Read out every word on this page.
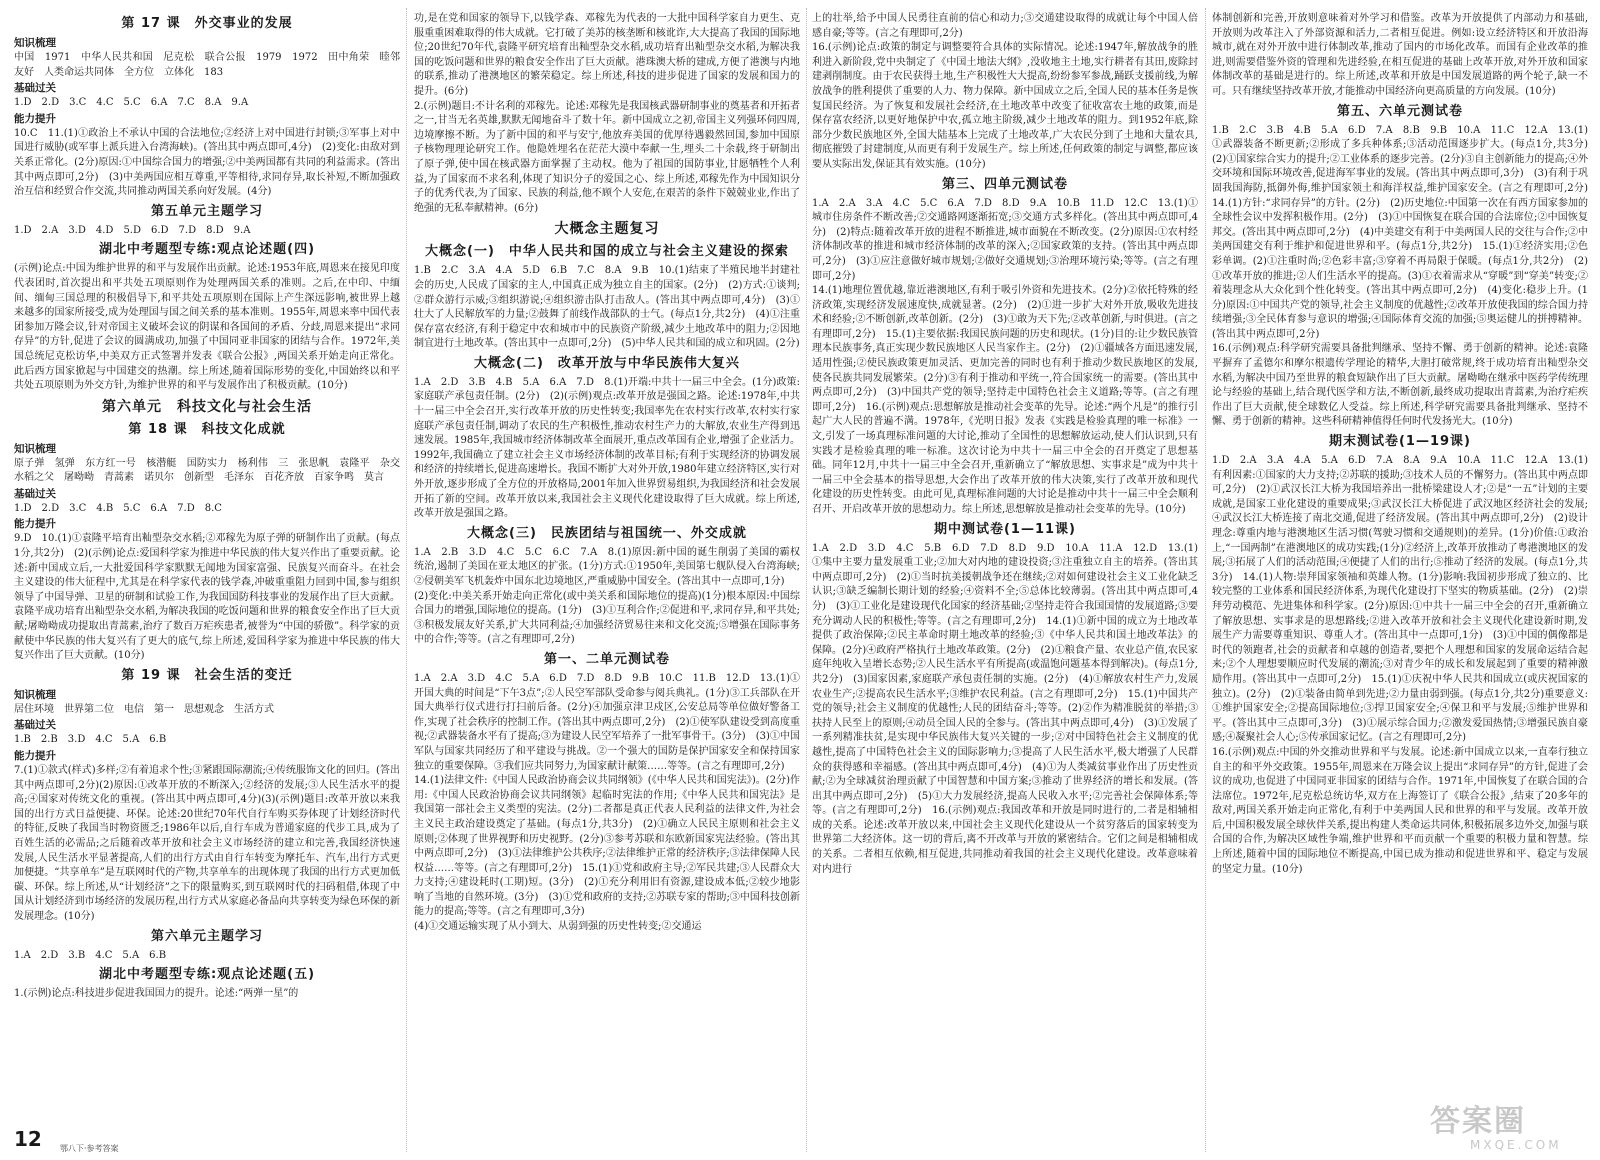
第 17 课　外交事业的发展
知识梳理
中国　1971　中华人民共和国　尼克松　联合公报　1979　1972　田中角荣　睦邻友好　人类命运共同体　全方位　立体化　183
基础过关
1.D　2.D　3.C　4.C　5.C　6.A　7.C　8.A　9.A
能力提升
10.C　11.(1)①政治上不承认中国的合法地位;②经济上对中国进行封锁;③军事上对中国进行威胁(或军事上派兵进入台湾海峡)。(答出其中两点即可,4分)　(2)变化:由敌对到关系正常化。(2分)原因:①中国综合国力的增强;②中美两国都有共同的利益需求。(答出其中两点即可,2分)　(3)中美两国应相互尊重,平等相待,求同存异,取长补短,不断加强政治互信和经贸合作交流,共同推动两国关系向好发展。(4分)
第五单元主题学习
1.D　2.A　3.D　4.D　5.D　6.D　7.D　8.D　9.A
湖北中考题型专练:观点论述题(四)
(示例)论点:中国为维护世界的和平与发展作出贡献。论述:1953年底,周恩来在接见印度代表团时,首次提出和平共处五项原则作为处理两国关系的准则。之后,在中印、中缅间、缅甸三国总理的积极倡导下,和平共处五项原则在国际上产生深远影响,被世界上越来越多的国家所接受,成为处理国与国之间关系的基本准则。1955年,周恩来率中国代表团参加万隆会议,针对帝国主义破坏会议的阴谋和各国间的矛盾、分歧,周恩来提出“求同存异”的方针,促进了会议的圆满成功,加强了中国同亚非国家的团结与合作。1972年,美国总统尼克松访华,中美双方正式签署并发表《联合公报》,两国关系开始走向正常化。此后西方国家掀起与中国建交的热潮。综上所述,随着国际形势的变化,中国始终以和平共处五项原则为外交方针,为维护世界的和平与发展作出了积极贡献。(10分)
第六单元　科技文化与社会生活
第 18 课　科技文化成就
知识梳理
原子弹　氢弹　东方红一号　核潜艇　国防实力　杨利伟　三　张思帆　袁隆平　杂交水稻之父　屠呦呦　青蒿素　诺贝尔　创新型　毛泽东　百花齐放　百家争鸣　莫言
基础过关
1.D　2.D　3.C　4.B　5.C　6.A　7.D　8.C
能力提升
9.D　10.(1)①袁隆平培育出籼型杂交水稻;②邓稼先为原子弹的研制作出了贡献。(每点1分,共2分)　(2)(示例)论点:爱国科学家为推进中华民族的伟大复兴作出了重要贡献。论述:新中国成立后,一大批爱国科学家默默无闻地为国家富强、民族复兴而奋斗。在社会主义建设的伟大征程中,尤其是在科学家代表的钱学森,冲破重重阻力回到中国,参与组织领导了中国导弹、卫星的研制和试验工作,为我国国防科技事业的发展作出了巨大贡献。袁隆平成功培育出籼型杂交水稻,为解决我国的吃饭问题和世界的粮食安全作出了巨大贡献;屠呦呦成功提取出青蒿素,治疗了数百万疟疾患者,被誉为“中国的骄傲”。科学家的贡献使中华民族的伟大复兴有了更大的底气,综上所述,爱国科学家为推进中华民族的伟大复兴作出了巨大贡献。(10分)
第 19 课　社会生活的变迁
知识梳理
居住环境　世界第二位　电信　第一　思想观念　生活方式
基础过关
1.B　2.B　3.D　4.C　5.A　6.B
能力提升
7.(1)①款式(样式)多样;②有着追求个性;③紧跟国际潮流;④传统服饰文化的回归。(答出其中两点即可,2分)(2)原因:①改革开放的不断深入;②经济的发展;③人民生活水平的提高;④国家对传统文化的重视。(答出其中两点即可,4分)(3)(示例)题目:改革开放以来我国的出行方式日益便捷、环保。论述:20世纪70年代自行车购买券体现了计划经济时代的特征,反映了我国当时物资匮乏;1986年以后,自行车成为普通家庭的代步工具,成为了百姓生活的必需品;之后随着改革开放和社会主义市场经济的建立和完善,我国经济快速发展,人民生活水平显著提高,人们的出行方式由自行车转变为摩托车、汽车,出行方式更加便捷。“共享单车”是互联网时代的产物,共享单车的出现体现了我国的出行方式更加低碳、环保。综上所述,从“计划经济”之下的限量购买,到互联网时代的扫码租借,体现了中国从计划经济到市场经济的发展历程,出行方式从家庭必备品向共享转变为绿色环保的新发展理念。(10分)
第六单元主题学习
1.A　2.D　3.B　4.C　5.A　6.B
湖北中考题型专练:观点论述题(五)
1.(示例)论点:科技进步促进我国国力的提升。论述:“两弹一星”的
功,是在党和国家的领导下,以钱学森、邓稼先为代表的一大批中国科学家自力更生、克服重重困难取得的伟大成就。它打破了美苏的核垄断和核讹诈,大大提高了我国的国际地位;20世纪70年代,袁隆平研究培育出籼型杂交水稻,成功培育出籼型杂交水稻,为解决我国的吃饭问题和世界的粮食安全作出了巨大贡献。港珠澳大桥的建成,方便了港澳与内地的联系,推动了港澳地区的繁荣稳定。综上所述,科技的进步促进了国家的发展和国力的提升。(6分)
2.(示例)题目:不计名利的邓稼先。论述:邓稼先是我国核武器研制事业的奠基者和开拓者之一,甘当无名英雄,默默无闻地奋斗了数十年。新中国成立之初,帝国主义列强环伺四周,边境摩擦不断。为了新中国的和平与安宁,他放弃美国的优厚待遇毅然回国,参加中国原子核物理理论研究工作。他隐姓埋名在茫茫大漠中奉献一生,埋头二十余载,终于研制出了原子弹,使中国在核武器方面掌握了主动权。他为了祖国的国防事业,甘愿牺牲个人利益,为了国家而不求名利,体现了知识分子的爱国之心、综上所述,邓稼先作为中国知识分子的优秀代表,为了国家、民族的利益,他不顾个人安危,在艰苦的条件下兢兢业业,作出了绝强的无私奉献精神。(6分)
大概念主题复习
大概念(一)　中华人民共和国的成立与社会主义建设的探索
1.B　2.C　3.A　4.A　5.D　6.B　7.C　8.A　9.B　10.(1)结束了半殖民地半封建社会的历史,人民成了国家的主人,中国真正成为独立自主的国家。(2分)　(2)方式:①谈判;②群众游行示威;③组织游说;④组织游击队打击敌人。(答出其中两点即可,4分)　(3)①壮大了人民解放军的力量;②鼓舞了前线作战部队的士气。(每点1分,共2分)　(4)①注重保存富农经济,有利于稳定中农和城市中的民族资产阶级,减少土地改革中的阻力;②因地制宜进行土地改革。(答出其中一点即可,2分)　(5)中华人民共和国的成立和巩固。(2分)
大概念(二)　改革开放与中华民族伟大复兴
1.A　2.D　3.B　4.B　5.A　6.A　7.D　8.(1)开端:中共十一届三中全会。(1分)政策:家庭联产承包责任制。(2分)　(2)(示例)观点:改革开放是强国之路。论述:1978年,中共十一届三中全会召开,实行改革开放的历史性转变;我国率先在农村实行改革,农村实行家庭联产承包责任制,调动了农民的生产积极性,推动农村生产力的大解放,农业生产得到迅速发展。1985年,我国城市经济体制改革全面展开,重点改革国有企业,增强了企业活力。1992年,我国确立了建立社会主义市场经济体制的改革目标;有利于实现经济的协调发展和经济的持续增长,促进高速增长。我国不断扩大对外开放,1980年建立经济特区,实行对外开放,逐步形成了全方位的开放格局,2001年加入世界贸易组织,为我国经济和社会发展开拓了新的空间。改革开放以来,我国社会主义现代化建设取得了巨大成就。综上所述,改革开放是强国之路。
大概念(三)　民族团结与祖国统一、外交成就
1.A　2.B　3.D　4.C　5.C　6.C　7.A　8.(1)原因:新中国的诞生削弱了美国的霸权统治,遏制了美国在亚太地区的扩张。(1分)方式:①1950年,美国第七舰队侵入台湾海峡;②侵朝美军飞机轰炸中国东北边境地区,严重威胁中国安全。(答出其中一点即可,1分)
(2)变化:中美关系开始走向正常化(或中美关系和国际地位的提高)(1分)根本原因:中国综合国力的增强,国际地位的提高。(1分)　(3)①互利合作;②促进和平,求同存异,和平共处;③积极发展友好关系,扩大共同利益;④加强经济贸易往来和文化交流;⑤增强在国际事务中的合作;等等。(言之有理即可,2分)
第一、二单元测试卷
1.A　2.A　3.D　4.C　5.A　6.D　7.D　8.D　9.B　10.C　11.B　12.D　13.(1)①开国大典的时间是“下午3点”;②人民空军部队受命参与阅兵典礼。(1分)③工兵部队在开国大典举行仪式进行打扫前后备。(2分)④加强京津卫戍区,公安总局等单位做好警备工作,实现了社会秩序的控制工作。(答出其中两点即可,2分)　(2)①使军队建设受到高度重视;②武器装备水平有了提高;③为建设人民空军培养了一批军事骨干。(3分)　(3)①中国军队与国家共同经历了和平建设与挑战。②一个强大的国防是保护国家安全和保持国家独立的重要保障。③我们应共同努力,为国家献计献策……等等。(言之有理即可,2分)
14.(1)法律文件:《中国人民政治协商会议共同纲领》(《中华人民共和国宪法》)。(2分)作用:《中国人民政治协商会议共同纲领》起临时宪法的作用;《中华人民共和国宪法》是我国第一部社会主义类型的宪法。(2分)二者都是真正代表人民利益的法律文件,为社会主义民主政治建设奠定了基础。(每点1分,共3分)　(2)①确立人民民主原则和社会主义原则;②体现了世界视野和历史视野。(2分)③参考苏联和东欧新国家宪法经验。(答出其中两点即可,2分)　(3)①法律维护公共秩序;②法律维护正常的经济秩序;③法律保障人民权益……等等。(言之有理即可,2分)　15.(1)①党和政府主导;②军民共建;③人民群众大力支持;④建设耗时(工期)短。(3分)　(2)①充分利用旧有资源,建设成本低;②较少地影响了当地的自然环境。(3分)　(3)①党和政府的支持;②苏联专家的帮助;③中国科技创新能力的提高;等等。(言之有理即可,3分)
(4)①交通运输实现了从小到大、从弱到强的历史性转变;②交通运
上的壮举,给予中国人民勇往直前的信心和动力;③交通建设取得的成就让每个中国人倍感自豪;等等。(言之有理即可,2分)
16.(示例)论点:政策的制定与调整要符合具体的实际情况。论述:1947年,解放战争的胜利进入新阶段,党中央制定了《中国土地法大纲》,没收地主土地,实行耕者有其田,废除封建剥削制度。由于农民获得土地,生产积极性大大提高,纷纷参军参战,踊跃支援前线,为解放战争的胜利提供了重要的人力、物力保障。新中国成立之后,全国人民的基本任务是恢复国民经济。为了恢复和发展社会经济,在土地改革中改变了征收富农土地的政策,而是保存富农经济,以更好地保护中农,孤立地主阶级,减少土地改革的阻力。到1952年底,除部分少数民族地区外,全国大陆基本上完成了土地改革,广大农民分到了土地和大量农具,彻底摧毁了封建制度,从而更有利于发展生产。综上所述,任何政策的制定与调整,都应该要从实际出发,保证其有效实施。(10分)
第三、四单元测试卷
1.A　2.A　3.A　4.C　5.C　6.A　7.D　8.D　9.A　10.B　11.D　12.C　13.(1)①城市住房条件不断改善;②交通路网逐渐拓宽;③交通方式多样化。(答出其中两点即可,4分)　(2)特点:随着改革开放的进程不断推进,城市面貌在不断改变。(2分)原因:①农村经济体制改革的推进和城市经济体制的改革的深入;②国家政策的支持。(答出其中两点即可,2分)　(3)①应注意做好城市规划;②做好交通规划;③治理环境污染;等等。(言之有理即可,2分)
14.(1)地理位置优越,靠近港澳地区,有利于吸引外资和先进技术。(2分)②依托特殊的经济政策,实现经济发展速度快,成就显著。(2分)　(2)①进一步扩大对外开放,吸收先进技术和经验;②不断创新,改革创新。(2分)　(3)①敢为天下先;②改革创新,与时俱进。(言之有理即可,2分)　15.(1)主要依据:我国民族问题的历史和现状。(1分)目的:让少数民族管理本民族事务,真正实现少数民族地区人民当家作主。(2分)　(2)①疆域各方面迅速发展,适用性强;②使民族政策更加灵活、更加完善的同时也有利于推动少数民族地区的发展,使各民族共同发展繁荣。(2分)③有利于推动和平统一,符合国家统一的需要。(答出其中两点即可,2分)　(3)中国共产党的领导;坚持走中国特色社会主义道路;等等。(言之有理即可,2分)　16.(示例)观点:思想解放是推动社会变革的先导。论述:“两个凡是”的推行引起广大人民的普遍不满。1978年,《光明日报》发表《实践是检验真理的唯一标准》一文,引发了一场真理标准问题的大讨论,推动了全国性的思想解放运动,使人们认识到,只有实践才是检验真理的唯一标准。这次讨论为中共十一届三中全会的召开奠定了思想基础。同年12月,中共十一届三中全会召开,重新确立了“解放思想、实事求是”成为中共十一届三中全会基本的指导思想,大会作出了改革开放的伟大决策,实行了改革开放和现代化建设的历史性转变。由此可见,真理标准问题的大讨论是推动中共十一届三中全会顺利召开、开启改革开放的思想动力。综上所述,思想解放是推动社会变革的先导。(10分)
期中测试卷(1—11课)
1.A　2.D　3.D　4.C　5.B　6.D　7.D　8.D　9.D　10.A　11.A　12.D　13.(1)①集中主要力量发展重工业;②加大对内地的建设投资;③注重独立自主的培养。(答出其中两点即可,2分)　(2)①当时抗美援朝战争还在继续;②对如何建设社会主义工业化缺乏认识;③缺乏编制长期计划的经验;④资料不全;⑤总体比较薄弱。(答出其中两点即可,4分)　(3)①工业化是建设现代化国家的经济基础;②坚持走符合我国国情的发展道路;③要充分调动人民的积极性;等等。(言之有理即可,2分)　14.(1)①新中国的成立为土地改革提供了政治保障;②民主革命时期土地改革的经验;③《中华人民共和国土地改革法》的保障。(2分)④政府严格执行土地改革政策。(2分)　(2)①粮食产量、农业总产值,农民家庭年纯收入呈增长态势;②人民生活水平有所提高(或温饱问题基本得到解决)。(每点1分,共2分)　(3)国家因素,家庭联产承包责任制的实施。(2分)　(4)①解放农村生产力,发展农业生产;②提高农民生活水平;③维护农民利益。(言之有理即可,2分)　15.(1)中国共产党的领导;社会主义制度的优越性;人民的团结奋斗;等等。(2)②作为精准脱贫的举措;③扶持人民至上的原则;④动员全国人民的全参与。(答出其中两点即可,4分)　(3)①发展了一系列精准扶贫,是实现中华民族伟大复兴关键的一步;②对中国特色社会主义制度的优越性,提高了中国特色社会主义的国际影响力;③提高了人民生活水平,极大增强了人民群众的获得感和幸福感。(答出其中两点即可,4分)　(4)①为人类减贫事业作出了历史性贡献;②为全球减贫治理贡献了中国智慧和中国方案;③推动了世界经济的增长和发展。(答出其中两点即可,2分)　(5)①大力发展经济,提高人民收入水平;②完善社会保障体系;等等。(言之有理即可,2分)　16.(示例)观点:我国改革和开放是同时进行的,二者是相辅相成的关系。论述:改革开放以来,中国社会主义现代化建设从一个贫穷落后的国家转变为世界第二大经济体。这一切的背后,离不开改革与开放的紧密结合。它们之间是相辅相成的关系。二者相互依赖,相互促进,共同推动着我国的社会主义现代化建设。改革意味着对内进行
体制创新和完善,开放则意味着对外学习和借鉴。改革为开放提供了内部动力和基础,开放则为改革注入了外部资源和活力,二者相互促进。例如:设立经济特区和开放沿海城市,就在对外开放中进行体制改革,推动了国内的市场化改革。而国有企业改革的推进,则需要借鉴外资的管理和先进经验,在相互促进的基础上改革开放,对外开放和国家体制改革的基础是进行的。综上所述,改革和开放是中国发展道路的两个轮子,缺一不可。只有继续坚持改革开放,才能推动中国经济向更高质量的方向发展。(10分)
第五、六单元测试卷
1.B　2.C　3.B　4.B　5.A　6.D　7.A　8.B　9.B　10.A　11.C　12.A　13.(1)①武器装备不断更新;②形成了多兵种体系;③活动范围逐步扩大。(每点1分,共3分)　(2)①国家综合实力的提升;②工业体系的逐步完善。(2分)③自主创新能力的提高;④外交环境和国际环境改善,促进海军事业的发展。(答出其中两点即可,3分)　(3)有利于巩固我国海防,抵御外侮,维护国家领土和海洋权益,维护国家安全。(言之有理即可,2分)　14.(1)方针:“求同存异”的方针。(2分)　(2)历史地位:中国第一次在有西方国家参加的全球性会议中发挥积极作用。(2分)　(3)①中国恢复在联合国的合法席位;②中国恢复邦交。(答出其中两点即可,2分)　(4)中美建交有利于中美两国人民的交往与合作;②中美两国建交有利于维护和促进世界和平。(每点1分,共2分)　15.(1)①经济实用;②色彩单调。(2)①注重时尚;②色彩丰富;③穿着不再局限于保暖。(每点1分,共2分)　(2)①改革开放的推进;②人们生活水平的提高。(3)①衣着需求从“穿暖”到“穿美”转变;②着装理念从大众化到个性化转变。(答出其中两点即可,2分)　(4)变化:稳步上升。(1分)原因:①中国共产党的领导,社会主义制度的优越性;②改革开放使我国的综合国力持续增强;③全民体育参与意识的增强;④国际体育交流的加强;⑤奥运健儿的拼搏精神。(答出其中两点即可,2分)
16.(示例)观点:科学研究需要具备批判继承、坚持不懈、勇于创新的精神。论述:袁隆平摒弃了孟德尔和摩尔根遗传学理论的精华,大胆打破常规,终于成功培育出籼型杂交水稻,为解决中国乃至世界的粮食短缺作出了巨大贡献。屠呦呦在继承中医药学传统理论与经验的基础上,结合现代医学和方法,不断创新,最终成功提取出青蒿素,为治疗疟疾作出了巨大贡献,使全球数亿人受益。综上所述,科学研究需要具备批判继承、坚持不懈、勇于创新的精神。这些科研精神值得任何时代发扬光大。(10分)
期末测试卷(1—19课)
1.D　2.A　3.A　4.A　5.A　6.D　7.A　8.A　9.A　10.A　11.C　12.A　13.(1)有利因素:①国家的大力支持;②苏联的援助;③技术人员的不懈努力。(答出其中两点即可,2分)　(2)①武汉长江大桥为我国培养出一批桥梁建设人才;②是“一五”计划的主要成就,是国家工业化建设的重要成果;③武汉长江大桥促进了武汉地区经济社会的发展;④武汉长江大桥连接了南北交通,促进了经济发展。(答出其中两点即可,2分)　(2)设计理念:尊重内地与港澳地区生活习惯(驾驶习惯和交通规则)的差异。(1分)价值:①政治上,“一国两制”在港澳地区的成功实践;(1分)②经济上,改革开放推动了粤港澳地区的发展;③拓展了人们的活动范围;④便捷了人们的出行;⑤推动了经济的发展。(每点1分,共3分)　14.(1)人物:崇拜国家领袖和英雄人物。(1分)影响:我国初步形成了独立的、比较完整的工业体系和国民经济体系,为现代化建设打下坚实的物质基础。(2分)　(2)崇拜劳动模范、先进集体和科学家。(2分)原因:①中共十一届三中全会的召开,重新确立了解放思想、实事求是的思想路线;②进入改革开放和社会主义现代化建设新时期,发展生产力需要尊重知识、尊重人才。(答出其中一点即可,1分)　(3)①中国的偶像都是时代的领跑者,社会的贡献者和卓越的创造者,要把个人理想和国家的发展命运结合起来;②个人理想要顺应时代发展的潮流;③对青少年的成长和发展起到了重要的精神激励作用。(答出其中一点即可,2分)　15.(1)①庆祝中华人民共和国成立(或庆祝国家的独立)。(2分)　(2)①装备由简单到先进;②力量由弱到强。(每点1分,共2分)重要意义:①维护国家安全;②提高国际地位;③捍卫国家安全;④保卫和平与发展;⑤维护世界和平。(答出其中三点即可,3分)　(3)①展示综合国力;②激发爱国热情;③增强民族自豪感;④凝聚社会人心;⑤传承国家记忆。(言之有理即可,2分)
16.(示例)观点:中国的外交推动世界和平与发展。论述:新中国成立以来,一直奉行独立自主的和平外交政策。1955年,周恩来在万隆会议上提出“求同存异”的方针,促进了会议的成功,也促进了中国同亚非国家的团结与合作。1971年,中国恢复了在联合国的合法席位。1972年,尼克松总统访华,双方在上海签订了《联合公报》,结束了20多年的敌对,两国关系开始走向正常化,有利于中美两国人民和世界的和平与发展。改革开放后,中国积极发展全球伙伴关系,提出构建人类命运共同体,积极拓展多边外交,加强与联合国的合作,为解决区域性争端,维护世界和平而贡献一个重要的积极力量和智慧。综上所述,随着中国的国际地位不断提高,中国已成为推动和促进世界和平、稳定与发展的坚定力量。(10分)
12 鄂八下·参考答案
答案圈
MXQE.COM
